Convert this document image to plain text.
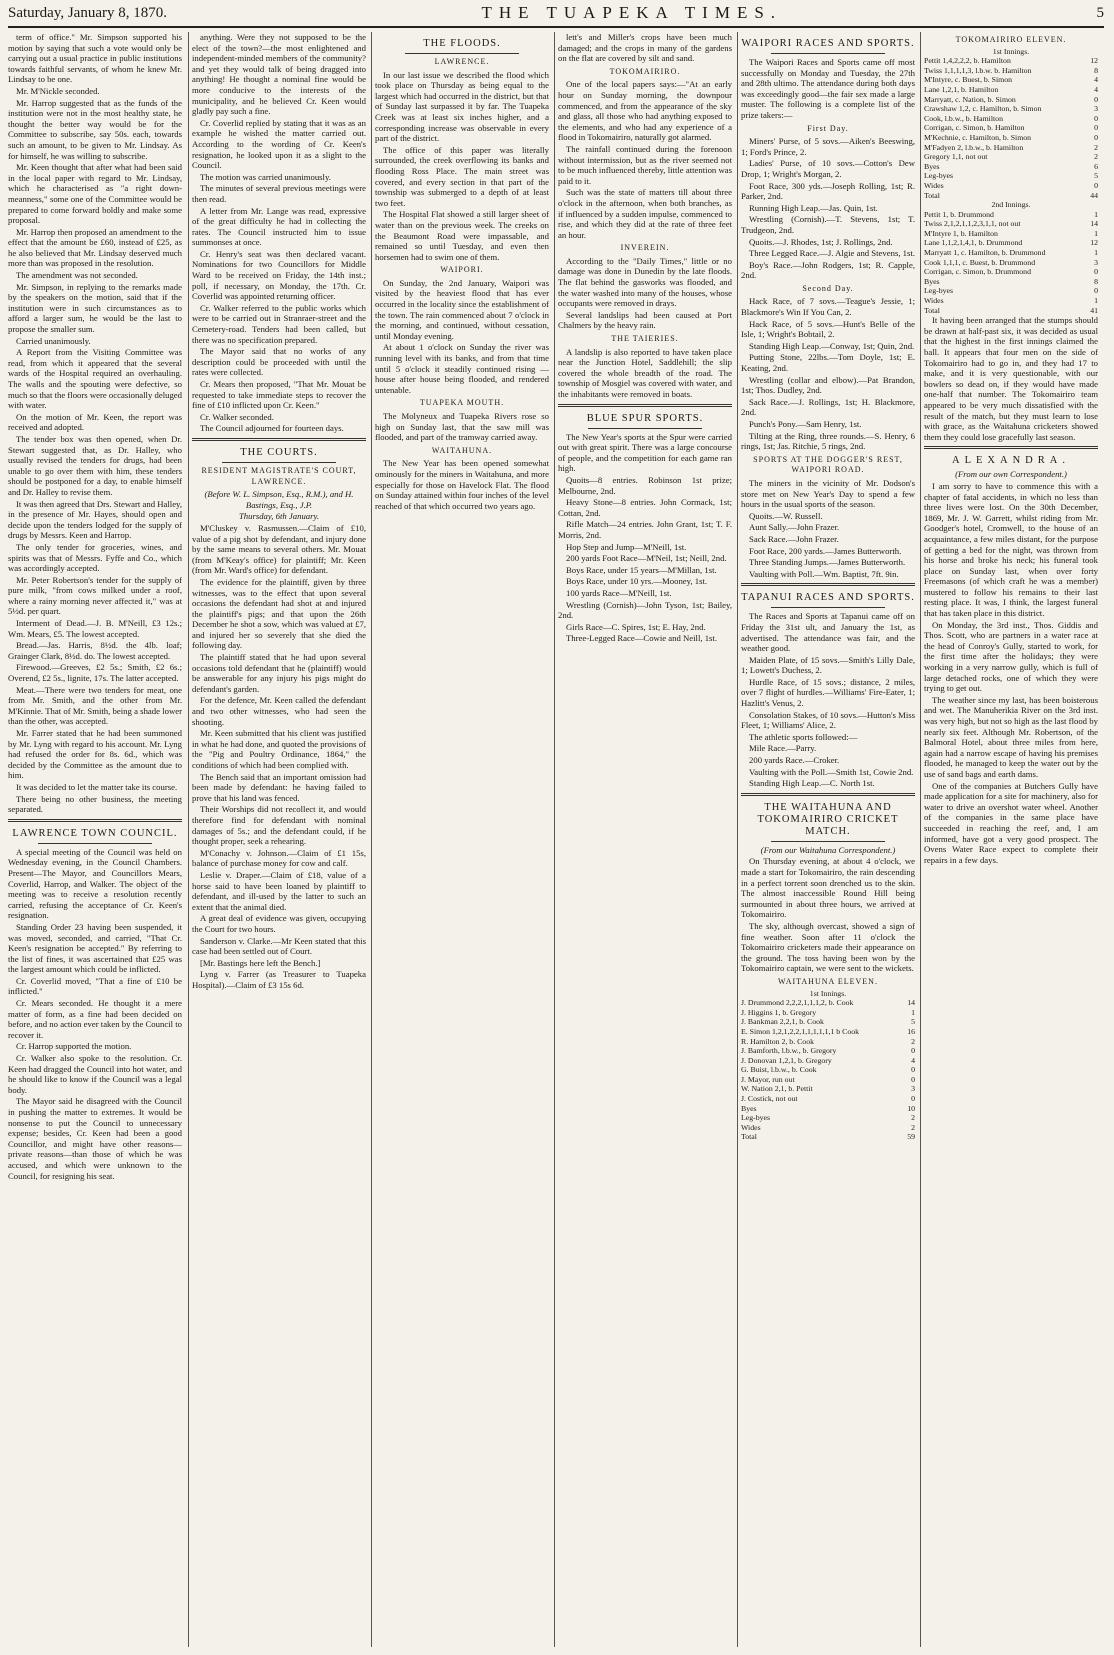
Saturday, January 8, 1870.	THE TUAPEKA TIMES.	5

term of office." Mr. Simpson supported his motion by saying that such a vote would only be carrying out a usual practice in public institutions towards faithful servants, of whom he knew Mr. Lindsay to be one.

Mr. M'Nickle seconded.

Mr. Harrop suggested that as the funds of the institution were not in the most healthy state, he thought the better way would be for the Committee to subscribe, say 50s. each, towards such an amount, to be given to Mr. Lindsay. As for himself, he was willing to subscribe.

Mr. Keen thought that after what had been said in the local paper with regard to Mr. Lindsay, which he characterised as "a right down-meanness," some one of the Committee would be prepared to come forward boldly and make some proposal.

Mr. Harrop then proposed an amendment to the effect that the amount be £60, instead of £25, as he also believed that Mr. Lindsay deserved much more than was proposed in the resolution.

The amendment was not seconded.

Mr. Simpson, in replying to the remarks made by the speakers on the motion, said that if the institution were in such circumstances as to afford a larger sum, he would be the last to propose the smaller sum.

Carried unanimously.

A Report from the Visiting Committee was read, from which it appeared that the several wards of the Hospital required an overhauling. The walls and the spouting were defective, so much so that the floors were occasionally deluged with water.

On the motion of Mr. Keen, the report was received and adopted.

The tender box was then opened, when Dr. Stewart suggested that, as Dr. Halley, who usually revised the tenders for drugs, had been unable to go over them with him, these tenders should be postponed for a day, to enable himself and Dr. Halley to revise them.

It was then agreed that Drs. Stewart and Halley, in the presence of Mr. Hayes, should open and decide upon the tenders lodged for the supply of drugs by Messrs. Keen and Harrop.

The only tender for groceries, wines, and spirits was that of Messrs. Fyffe and Co., which was accordingly accepted.

Mr. Peter Robertson's tender for the supply of pure milk, "from cows milked under a roof, where a rainy morning never affected it," was at 5½d. per quart.

Interment of Dead.—J. B. M'Neill, £3 12s.; Wm. Mears, £5. The lowest accepted.

Bread.—Jas. Harris, 8½d. the 4lb. loaf; Grainger Clark, 8½d. do. The lowest accepted.

Firewood.—Greeves, £2 5s.; Smith, £2 6s.; Overend, £2 5s., lignite, 17s. The latter accepted.

Meat.—There were two tenders for meat, one from Mr. Smith, and the other from Mr. M'Kinnie. That of Mr. Smith, being a shade lower than the other, was accepted.

Mr. Farrer stated that he had been summoned by Mr. Lyng with regard to his account. Mr. Lyng had refused the order for 8s. 6d., which was decided by the Committee as the amount due to him.

It was decided to let the matter take its course.

There being no other business, the meeting separated.

LAWRENCE TOWN COUNCIL.

A special meeting of the Council was held on Wednesday evening, in the Council Chambers. Present—The Mayor, and Councillors Mears, Coverlid, Harrop, and Walker. The object of the meeting was to receive a resolution recently carried, refusing the acceptance of Cr. Keen's resignation.

Standing Order 23 having been suspended, it was moved, seconded, and carried, "That Cr. Keen's resignation be accepted." By referring to the list of fines, it was ascertained that £25 was the largest amount which could be inflicted.

Cr. Coverlid moved, "That a fine of £10 be inflicted."

Cr. Mears seconded. He thought it a mere matter of form, as a fine had been decided on before, and no action ever taken by the Council to recover it.

Cr. Harrop supported the motion.

Cr. Walker also spoke to the resolution. Cr. Keen had dragged the Council into hot water, and he should like to know if the Council was a legal body.

The Mayor said he disagreed with the Council in pushing the matter to extremes. It would be nonsense to put the Council to unnecessary expense; besides, Cr. Keen had been a good Councillor, and might have other reasons—private reasons—than those of which he was accused, and which were unknown to the Council, for resigning his seat.

anything. Were they not supposed to be the elect of the town?—the most enlightened and independent-minded members of the community? and yet they would talk of being dragged into anything! He thought a nominal fine would be more conducive to the interests of the municipality, and he believed Cr. Keen would gladly pay such a fine.

Cr. Coverlid replied by stating that it was as an example he wished the matter carried out. According to the wording of Cr. Keen's resignation, he looked upon it as a slight to the Council.

The motion was carried unanimously.

The minutes of several previous meetings were then read.

A letter from Mr. Lange was read, expressive of the great difficulty he had in collecting the rates. The Council instructed him to issue summonses at once.

Cr. Henry's seat was then declared vacant. Nominations for two Councillors for Middle Ward to be received on Friday, the 14th inst.; poll, if necessary, on Monday, the 17th. Cr. Coverlid was appointed returning officer.

Cr. Walker referred to the public works which were to be carried out in Stranraer-street and the Cemetery-road. Tenders had been called, but there was no specification prepared.

The Mayor said that no works of any description could be proceeded with until the rates were collected.

Cr. Mears then proposed, "That Mr. Mouat be requested to take immediate steps to recover the fine of £10 inflicted upon Cr. Keen."

Cr. Walker seconded.

The Council adjourned for fourteen days.

THE COURTS.
RESIDENT MAGISTRATE'S COURT, LAWRENCE.

(Before W. L. Simpson, Esq., R.M.), and H. Bastings, Esq., J.P.

Thursday, 6th January.

M'Cluskey v. Rasmussen.—Claim of £10, value of a pig shot by defendant, and injury done by the same means to several others. Mr. Mouat (from M'Keay's office) for plaintiff; Mr. Keen (from Mr. Ward's office) for defendant.

The evidence for the plaintiff, given by three witnesses, was to the effect that upon several occasions the defendant had shot at and injured the plaintiff's pigs; and that upon the 26th December he shot a sow, which was valued at £7, and injured her so severely that she died the following day.

The plaintiff stated that he had upon several occasions told defendant that he (plaintiff) would be answerable for any injury his pigs might do defendant's garden.

For the defence, Mr. Keen called the defendant and two other witnesses, who had seen the shooting.

Mr. Keen submitted that his client was justified in what he had done, and quoted the provisions of the "Pig and Poultry Ordinance, 1864," the conditions of which had been complied with.

The Bench said that an important omission had been made by defendant: he having failed to prove that his land was fenced.

Their Worships did not recollect it, and would therefore find for defendant with nominal damages of 5s.; and the defendant could, if he thought proper, seek a rehearing.

M'Conachy v. Johnson.—Claim of £1 15s, balance of purchase money for cow and calf.

Leslie v. Draper.—Claim of £18, value of a horse said to have been loaned by plaintiff to defendant, and ill-used by the latter to such an extent that the animal died.

A great deal of evidence was given, occupying the Court for two hours.

Sanderson v. Clarke.—Mr Keen stated that this case had been settled out of Court.

[Mr. Bastings here left the Bench.]

Lyng v. Farrer (as Treasurer to Tuapeka Hospital).—Claim of £3 15s 6d.

THE FLOODS.
LAWRENCE.

In our last issue we described the flood which took place on Thursday as being equal to the largest which had occurred in the district, but that of Sunday last surpassed it by far. The Tuapeka Creek was at least six inches higher, and a corresponding increase was observable in every part of the district.

The office of this paper was literally surrounded, the creek overflowing its banks and flooding Ross Place. The main street was covered, and every section in that part of the township was submerged to a depth of at least two feet.

The Hospital Flat showed a still larger sheet of water than on the previous week. The creeks on the Beaumont Road were impassable, and remained so until Tuesday, and even then horsemen had to swim one of them.

WAIPORI.

On Sunday, the 2nd January, Waipori was visited by the heaviest flood that has ever occurred in the locality since the establishment of the town. The rain commenced about 7 o'clock in the morning, and continued, without cessation, until Monday evening.

At about 1 o'clock on Sunday the river was running level with its banks, and from that time until 5 o'clock it steadily continued rising —house after house being flooded, and rendered untenable.

TUAPEKA MOUTH.

The Molyneux and Tuapeka Rivers rose so high on Sunday last, that the saw mill was flooded, and part of the tramway carried away.

WAITAHUNA.

The New Year has been opened somewhat ominously for the miners in Waitahuna, and more especially for those on Havelock Flat. The flood on Sunday attained within four inches of the level reached of that which occurred two years ago.

lett's and Miller's crops have been much damaged; and the crops in many of the gardens on the flat are covered by silt and sand.

TOKOMAIRIRO.

One of the local papers says:—"At an early hour on Sunday morning, the downpour commenced, and from the appearance of the sky and glass, all those who had anything exposed to the elements, and who had any experience of a flood in Tokomairiro, naturally got alarmed.

The rainfall continued during the forenoon without intermission, but as the river seemed not to be much influenced thereby, little attention was paid to it.

Such was the state of matters till about three o'clock in the afternoon, when both branches, as if influenced by a sudden impulse, commenced to rise, and which they did at the rate of three feet an hour.

INVEREIN.

According to the "Daily Times," little or no damage was done in Dunedin by the late floods. The flat behind the gasworks was flooded, and the water washed into many of the houses, whose occupants were removed in drays.

Several landslips had been caused at Port Chalmers by the heavy rain.

THE TAIERIES.

A landslip is also reported to have taken place near the Junction Hotel, Saddlehill; the slip covered the whole breadth of the road. The township of Mosgiel was covered with water, and the inhabitants were removed in boats.

BLUE SPUR SPORTS.

The New Year's sports at the Spur were carried out with great spirit. There was a large concourse of people, and the competition for each game ran high.

Quoits—8 entries. Robinson 1st prize; Melbourne, 2nd.

Heavy Stone—8 entries. John Cormack, 1st; Cottan, 2nd.

Rifle Match—24 entries. John Grant, 1st; T. F. Morris, 2nd.

Hop Step and Jump—M'Neill, 1st.

200 yards Foot Race—M'Neil, 1st; Neill, 2nd.

Boys Race, under 15 years—M'Millan, 1st.

Boys Race, under 10 yrs.—Mooney, 1st.

100 yards Race—M'Neill, 1st.

Wrestling (Cornish)—John Tyson, 1st; Bailey, 2nd.

Girls Race—C. Spires, 1st; E. Hay, 2nd.

Three-Legged Race—Cowie and Neill, 1st.

WAIPORI RACES AND SPORTS.

The Waipori Races and Sports came off most successfully on Monday and Tuesday, the 27th and 28th ultimo. The attendance during both days was exceedingly good—the fair sex made a large muster. The following is a complete list of the prize takers:—

First Day.

Miners' Purse, of 5 sovs.—Aiken's Beeswing, 1; Ford's Prince, 2.

Ladies' Purse, of 10 sovs.—Cotton's Dew Drop, 1; Wright's Morgan, 2.

Foot Race, 300 yds.—Joseph Rolling, 1st; R. Parker, 2nd.

Running High Leap.—Jas. Quin, 1st.

Wrestling (Cornish).—T. Stevens, 1st; T. Trudgeon, 2nd.

Quoits.—J. Rhodes, 1st; J. Rollings, 2nd.

Three Legged Race.—J. Algie and Stevens, 1st.

Boy's Race.—John Rodgers, 1st; R. Capple, 2nd.

Second Day.

Hack Race, of 7 sovs.—Teague's Jessie, 1; Blackmore's Win If You Can, 2.

Hack Race, of 5 sovs.—Hunt's Belle of the Isle, 1; Wright's Bobtail, 2.

Standing High Leap.—Conway, 1st; Quin, 2nd.

Putting Stone, 22lbs.—Tom Doyle, 1st; E. Keating, 2nd.

Wrestling (collar and elbow).—Pat Brandon, 1st; Thos. Dudley, 2nd.

Sack Race.—J. Rollings, 1st; H. Blackmore, 2nd.

Punch's Pony.—Sam Henry, 1st.

Tilting at the Ring, three rounds.—S. Henry, 6 rings, 1st; Jas. Ritchie, 5 rings, 2nd.

SPORTS AT THE DOGGER'S REST, WAIPORI ROAD.

The miners in the vicinity of Mr. Dodson's store met on New Year's Day to spend a few hours in the usual sports of the season.

Quoits.—W. Russell.

Aunt Sally.—John Frazer.

Sack Race.—John Frazer.

Foot Race, 200 yards.—James Butterworth.

Three Standing Jumps.—James Butterworth.

Vaulting with Poll.—Wm. Baptist, 7ft. 9in.

TAPANUI RACES AND SPORTS.

The Races and Sports at Tapanui came off on Friday the 31st ult, and January the 1st, as advertised. The attendance was fair, and the weather good.

Maiden Plate, of 15 sovs.—Smith's Lilly Dale, 1; Lowett's Duchess, 2.

Hurdle Race, of 15 sovs.; distance, 2 miles, over 7 flight of hurdles.—Williams' Fire-Eater, 1; Hazlitt's Venus, 2.

Consolation Stakes, of 10 sovs.—Hutton's Miss Fleet, 1; Williams' Alice, 2.

The athletic sports followed:—

Mile Race.—Parry.

200 yards Race.—Croker.

Vaulting with the Poll.—Smith 1st, Cowie 2nd.

Standing High Leap.—C. North 1st.

THE WAITAHUNA AND TOKOMAIRIRO CRICKET MATCH.

(From our Waitahuna Correspondent.)

On Thursday evening, at about 4 o'clock, we made a start for Tokomairiro, the rain descending in a perfect torrent soon drenched us to the skin. The almost inaccessible Round Hill being surmounted in about three hours, we arrived at Tokomairiro.

The sky, although overcast, showed a sign of fine weather. Soon after 11 o'clock the Tokomairiro cricketers made their appearance on the ground. The toss having been won by the Tokomairiro captain, we were sent to the wickets.

WAITAHUNA ELEVEN.
1st Innings.
J. Drummond 2,2,2,1,1,1,2, b. Cook	14
J. Higgins 1, b. Gregory	1
J. Bankman 2,2,1, b. Cook	5
E. Simon 1,2,1,2,2,1,1,1,1,1,1 b Cook	16
R. Hamilton 2, b. Cook	2
J. Bamforth, l.b.w., b. Gregory	0
J. Donovan 1,2,1, b. Gregory	4
G. Buist, l.b.w., b. Cook	0
J. Mayor, run out	0
W. Nation 2,1, b. Pettit	3
J. Costick, not out	0
Byes	10
Leg-byes	2
Wides	2
Total	59
TOKOMAIRIRO ELEVEN.
1st Innings.
Pettit 1,4,2,2,2, b. Hamilton	12
Twiss 1,1,1,1,3, l.b.w. b. Hamilton	8
M'Intyre, c. Buest, b. Simon	4
Lane 1,2,1, b. Hamilton	4
Marryatt, c. Nation, b. Simon	0
Crawshaw 1,2, c. Hamilton, b. Simon	3
Cook, l.b.w., b. Hamilton	0
Corrigan, c. Simon, b. Hamilton	0
M'Kechnie, c. Hamilton, b. Simon	0
M'Fadyen 2, l.b.w., b. Hamilton	2
Gregory 1,1, not out	2
Byes	6
Leg-byes	5
Wides	0
Total	44
2nd Innings.
Pettit 1, b. Drummond	1
Twiss 2,1,2,1,1,2,3,1,1, not out	14
M'Intyre 1, b. Hamilton	1
Lane 1,1,2,1,4,1, b. Drummond	12
Marryatt 1, c. Hamilton, b. Drummond	1
Cook 1,1,1, c. Buest, b. Drummond	3
Corrigan, c. Simon, b. Drummond	0
Byes	8
Leg-byes	0
Wides	1
Total	41

It having been arranged that the stumps should be drawn at half-past six, it was decided as usual that the highest in the first innings claimed the ball. It appears that four men on the side of Tokomairiro had to go in, and they had 17 to make, and it is very questionable, with our bowlers so dead on, if they would have made one-half that number. The Tokomairiro team appeared to be very much dissatisfied with the result of the match, but they must learn to lose with grace, as the Waitahuna cricketers showed them they could lose gracefully last season.

ALEXANDRA.

(From our own Correspondent.)

I am sorry to have to commence this with a chapter of fatal accidents, in which no less than three lives were lost. On the 30th December, 1869, Mr. J. W. Garrett, whilst riding from Mr. Goodger's hotel, Cromwell, to the house of an acquaintance, a few miles distant, for the purpose of getting a bed for the night, was thrown from his horse and broke his neck; his funeral took place on Sunday last, when over forty Freemasons (of which craft he was a member) mustered to follow his remains to their last resting place. It was, I think, the largest funeral that has taken place in this district.

On Monday, the 3rd inst., Thos. Giddis and Thos. Scott, who are partners in a water race at the head of Conroy's Gully, started to work, for the first time after the holidays; they were working in a very narrow gully, which is full of large detached rocks, one of which they were trying to get out.

The weather since my last, has been boisterous and wet. The Manuherikia River on the 3rd inst. was very high, but not so high as the last flood by nearly six feet. Although Mr. Robertson, of the Balmoral Hotel, about three miles from here, again had a narrow escape of having his premises flooded, he managed to keep the water out by the use of sand bags and earth dams.

One of the companies at Butchers Gully have made application for a site for machinery, also for water to drive an overshot water wheel. Another of the companies in the same place have succeeded in reaching the reef, and, I am informed, have got a very good prospect. The Ovens Water Race expect to complete their repairs in a few days.
